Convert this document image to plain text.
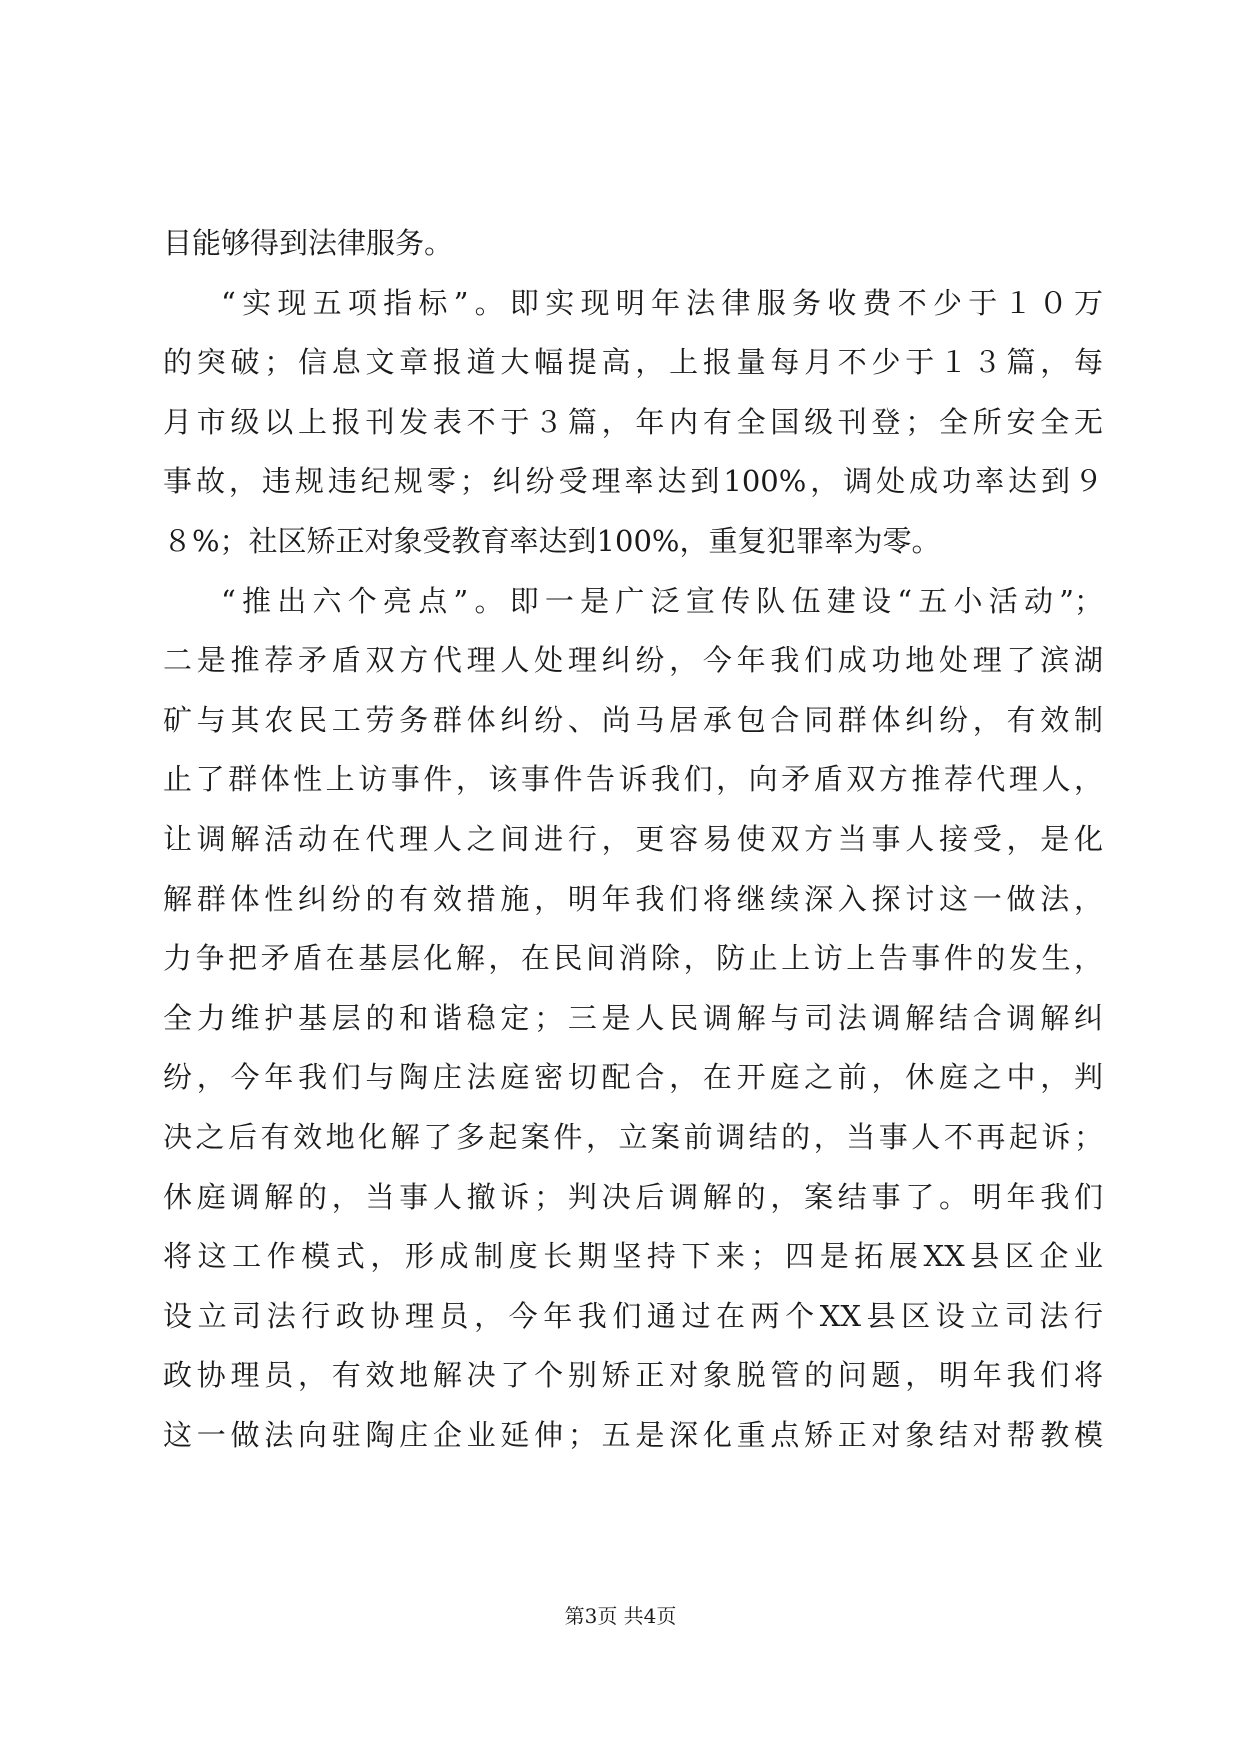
目能够得到法律服务。
“实现五项指标”。即实现明年法律服务收费不少于１０万
的突破；信息文章报道大幅提高，上报量每月不少于１３篇，每
月市级以上报刊发表不于３篇，年内有全国级刊登；全所安全无
事故，违规违纪规零；纠纷受理率达到100%，调处成功率达到９
８%；社区矫正对象受教育率达到100%，重复犯罪率为零。
“推出六个亮点”。即一是广泛宣传队伍建设“五小活动”；
二是推荐矛盾双方代理人处理纠纷，今年我们成功地处理了滨湖
矿与其农民工劳务群体纠纷、尚马居承包合同群体纠纷，有效制
止了群体性上访事件，该事件告诉我们，向矛盾双方推荐代理人，
让调解活动在代理人之间进行，更容易使双方当事人接受，是化
解群体性纠纷的有效措施，明年我们将继续深入探讨这一做法，
力争把矛盾在基层化解，在民间消除，防止上访上告事件的发生，
全力维护基层的和谐稳定；三是人民调解与司法调解结合调解纠
纷，今年我们与陶庄法庭密切配合，在开庭之前，休庭之中，判
决之后有效地化解了多起案件，立案前调结的，当事人不再起诉；
休庭调解的，当事人撤诉；判决后调解的，案结事了。明年我们
将这工作模式，形成制度长期坚持下来；四是拓展XX县区企业
设立司法行政协理员，今年我们通过在两个XX县区设立司法行
政协理员，有效地解决了个别矫正对象脱管的问题，明年我们将
这一做法向驻陶庄企业延伸；五是深化重点矫正对象结对帮教模
第3页 共4页
